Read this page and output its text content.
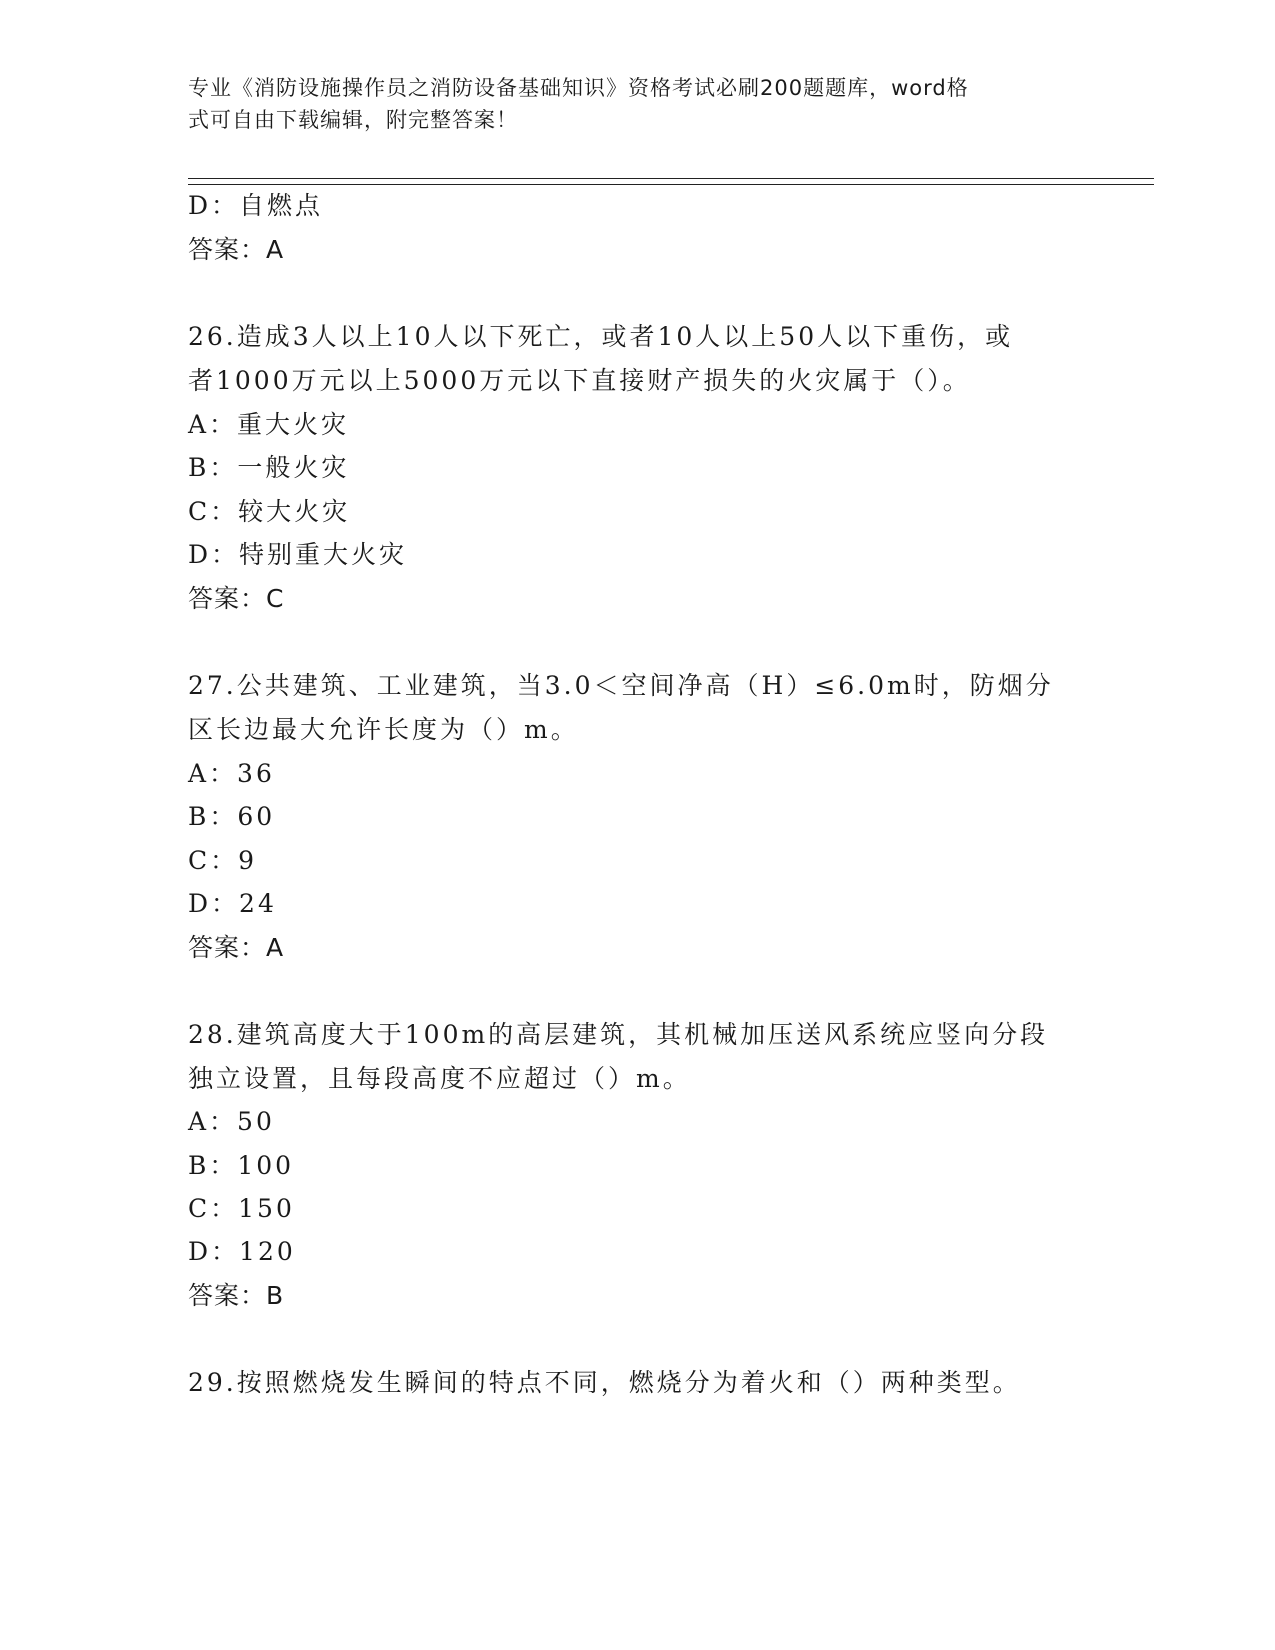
专业《消防设施操作员之消防设备基础知识》资格考试必刷200题题库，word格
式可自由下载编辑，附完整答案！
D：自燃点
答案：A
26.造成3人以上10人以下死亡，或者10人以上50人以下重伤，或
者1000万元以上5000万元以下直接财产损失的火灾属于（）。
A：重大火灾
B：一般火灾
C：较大火灾
D：特别重大火灾
答案：C
27.公共建筑、工业建筑，当3.0＜空间净高（H）≤6.0m时，防烟分
区长边最大允许长度为（）m。
A：36
B：60
C：9
D：24
答案：A
28.建筑高度大于100m的高层建筑，其机械加压送风系统应竖向分段
独立设置，且每段高度不应超过（）m。
A：50
B：100
C：150
D：120
答案：B
29.按照燃烧发生瞬间的特点不同，燃烧分为着火和（）两种类型。
